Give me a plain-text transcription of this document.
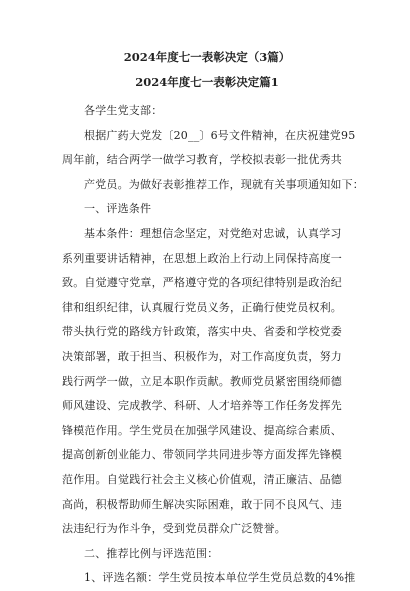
2024年度七一表彰决定（3篇）
2024年度七一表彰决定篇1

各学生党支部：

根据广药大党发〔20__〕6号文件精神，在庆祝建党95

周年前，结合两学一做学习教育，学校拟表彰一批优秀共

产党员。为做好表彰推荐工作，现就有关事项通知如下：

一、评选条件

基本条件：理想信念坚定，对党绝对忠诚，认真学习

系列重要讲话精神，在思想上政治上行动上同保持高度一

致。自觉遵守党章，严格遵守党的各项纪律特别是政治纪

律和组织纪律，认真履行党员义务，正确行使党员权利。

带头执行党的路线方针政策，落实中央、省委和学校党委

决策部署，敢于担当、积极作为，对工作高度负责，努力

践行两学一做，立足本职作贡献。教师党员紧密围绕师德

师风建设、完成教学、科研、人才培养等工作任务发挥先

锋模范作用。学生党员在加强学风建设、提高综合素质、

提高创新创业能力、带领同学共同进步等方面发挥先锋模

范作用。自觉践行社会主义核心价值观，清正廉洁、品德

高尚，积极帮助师生解决实际困难，敢于同不良风气、违

法违纪行为作斗争，受到党员群众广泛赞誉。

二、推荐比例与评选范围：

1、评选名额：学生党员按本单位学生党员总数的4%推
